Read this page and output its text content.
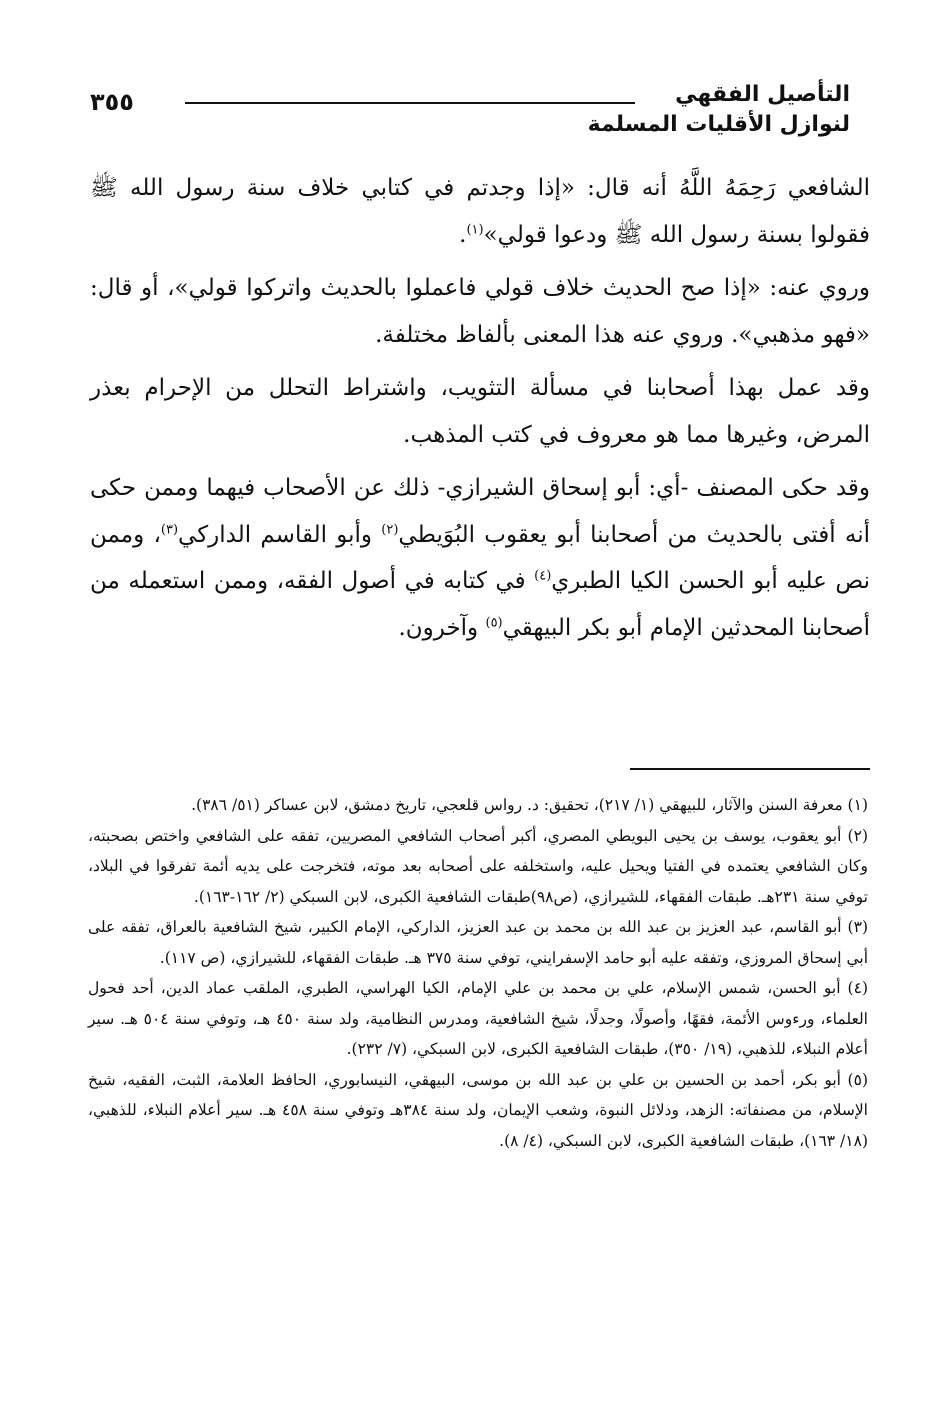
التأصيل الفقهي
لنوازل الأقليات المسلمة
٣٥٥

الشافعي رَحِمَهُ اللَّهُ أنه قال: «إذا وجدتم في كتابي خلاف سنة رسول الله ﷺ فقولوا بسنة رسول الله ﷺ ودعوا قولي»$^{(١)}$.

وروي عنه: «إذا صح الحديث خلاف قولي فاعملوا بالحديث واتركوا قولي»، أو قال: «فهو مذهبي». وروي عنه هذا المعنى بألفاظ مختلفة.

وقد عمل بهذا أصحابنا في مسألة التثويب، واشتراط التحلل من الإحرام بعذر المرض، وغيرها مما هو معروف في كتب المذهب.

وقد حكى المصنف -أي: أبو إسحاق الشيرازي- ذلك عن الأصحاب فيهما وممن حكى أنه أفتى بالحديث من أصحابنا أبو يعقوب البُوَيطي$^{(٢)}$ وأبو القاسم الداركي$^{(٣)}$، وممن نص عليه أبو الحسن الكيا الطبري$^{(٤)}$ في كتابه في أصول الفقه، وممن استعمله من أصحابنا المحدثين الإمام أبو بكر البيهقي$^{(٥)}$ وآخرون.

(١) معرفة السنن والآثار، للبيهقي (١/ ٢١٧)، تحقيق: د. رواس قلعجي، تاريخ دمشق، لابن عساكر (٥١/ ٣٨٦).

(٢) أبو يعقوب، يوسف بن يحيى البويطي المصري، أكبر أصحاب الشافعي المصريين، تفقه على الشافعي واختص بصحبته، وكان الشافعي يعتمده في الفتيا ويحيل عليه، واستخلفه على أصحابه بعد موته، فتخرجت على يديه أئمة تفرقوا في البلاد، توفي سنة ٢٣١هـ. طبقات الفقهاء، للشيرازي، (ص٩٨)طبقات الشافعية الكبرى، لابن السبكي (٢/ ١٦٢-١٦٣).

(٣) أبو القاسم، عبد العزيز بن عبد الله بن محمد بن عبد العزيز، الداركي، الإمام الكبير، شيخ الشافعية بالعراق، تفقه على أبي إسحاق المروزي، وتفقه عليه أبو حامد الإسفرايني، توفي سنة ٣٧٥ هـ. طبقات الفقهاء، للشيرازي، (ص ١١٧).

(٤) أبو الحسن، شمس الإسلام، علي بن محمد بن علي الإمام، الكيا الهراسي، الطبري، الملقب عماد الدين، أحد فحول العلماء، ورءوس الأئمة، فقهًا، وأصولًا، وجدلًا، شيخ الشافعية، ومدرس النظامية، ولد سنة ٤٥٠ هـ، وتوفي سنة ٥٠٤ هـ. سير أعلام النبلاء، للذهبي، (١٩/ ٣٥٠)، طبقات الشافعية الكبرى، لابن السبكي، (٧/ ٢٣٢).

(٥) أبو بكر، أحمد بن الحسين بن علي بن عبد الله بن موسى، البيهقي، النيسابوري، الحافظ العلامة، الثبت، الفقيه، شيخ الإسلام، من مصنفاته: الزهد، ودلائل النبوة، وشعب الإيمان، ولد سنة ٣٨٤هـ وتوفي سنة ٤٥٨ هـ. سير أعلام النبلاء، للذهبي، (١٨/ ١٦٣)، طبقات الشافعية الكبرى، لابن السبكي، (٤/ ٨).
